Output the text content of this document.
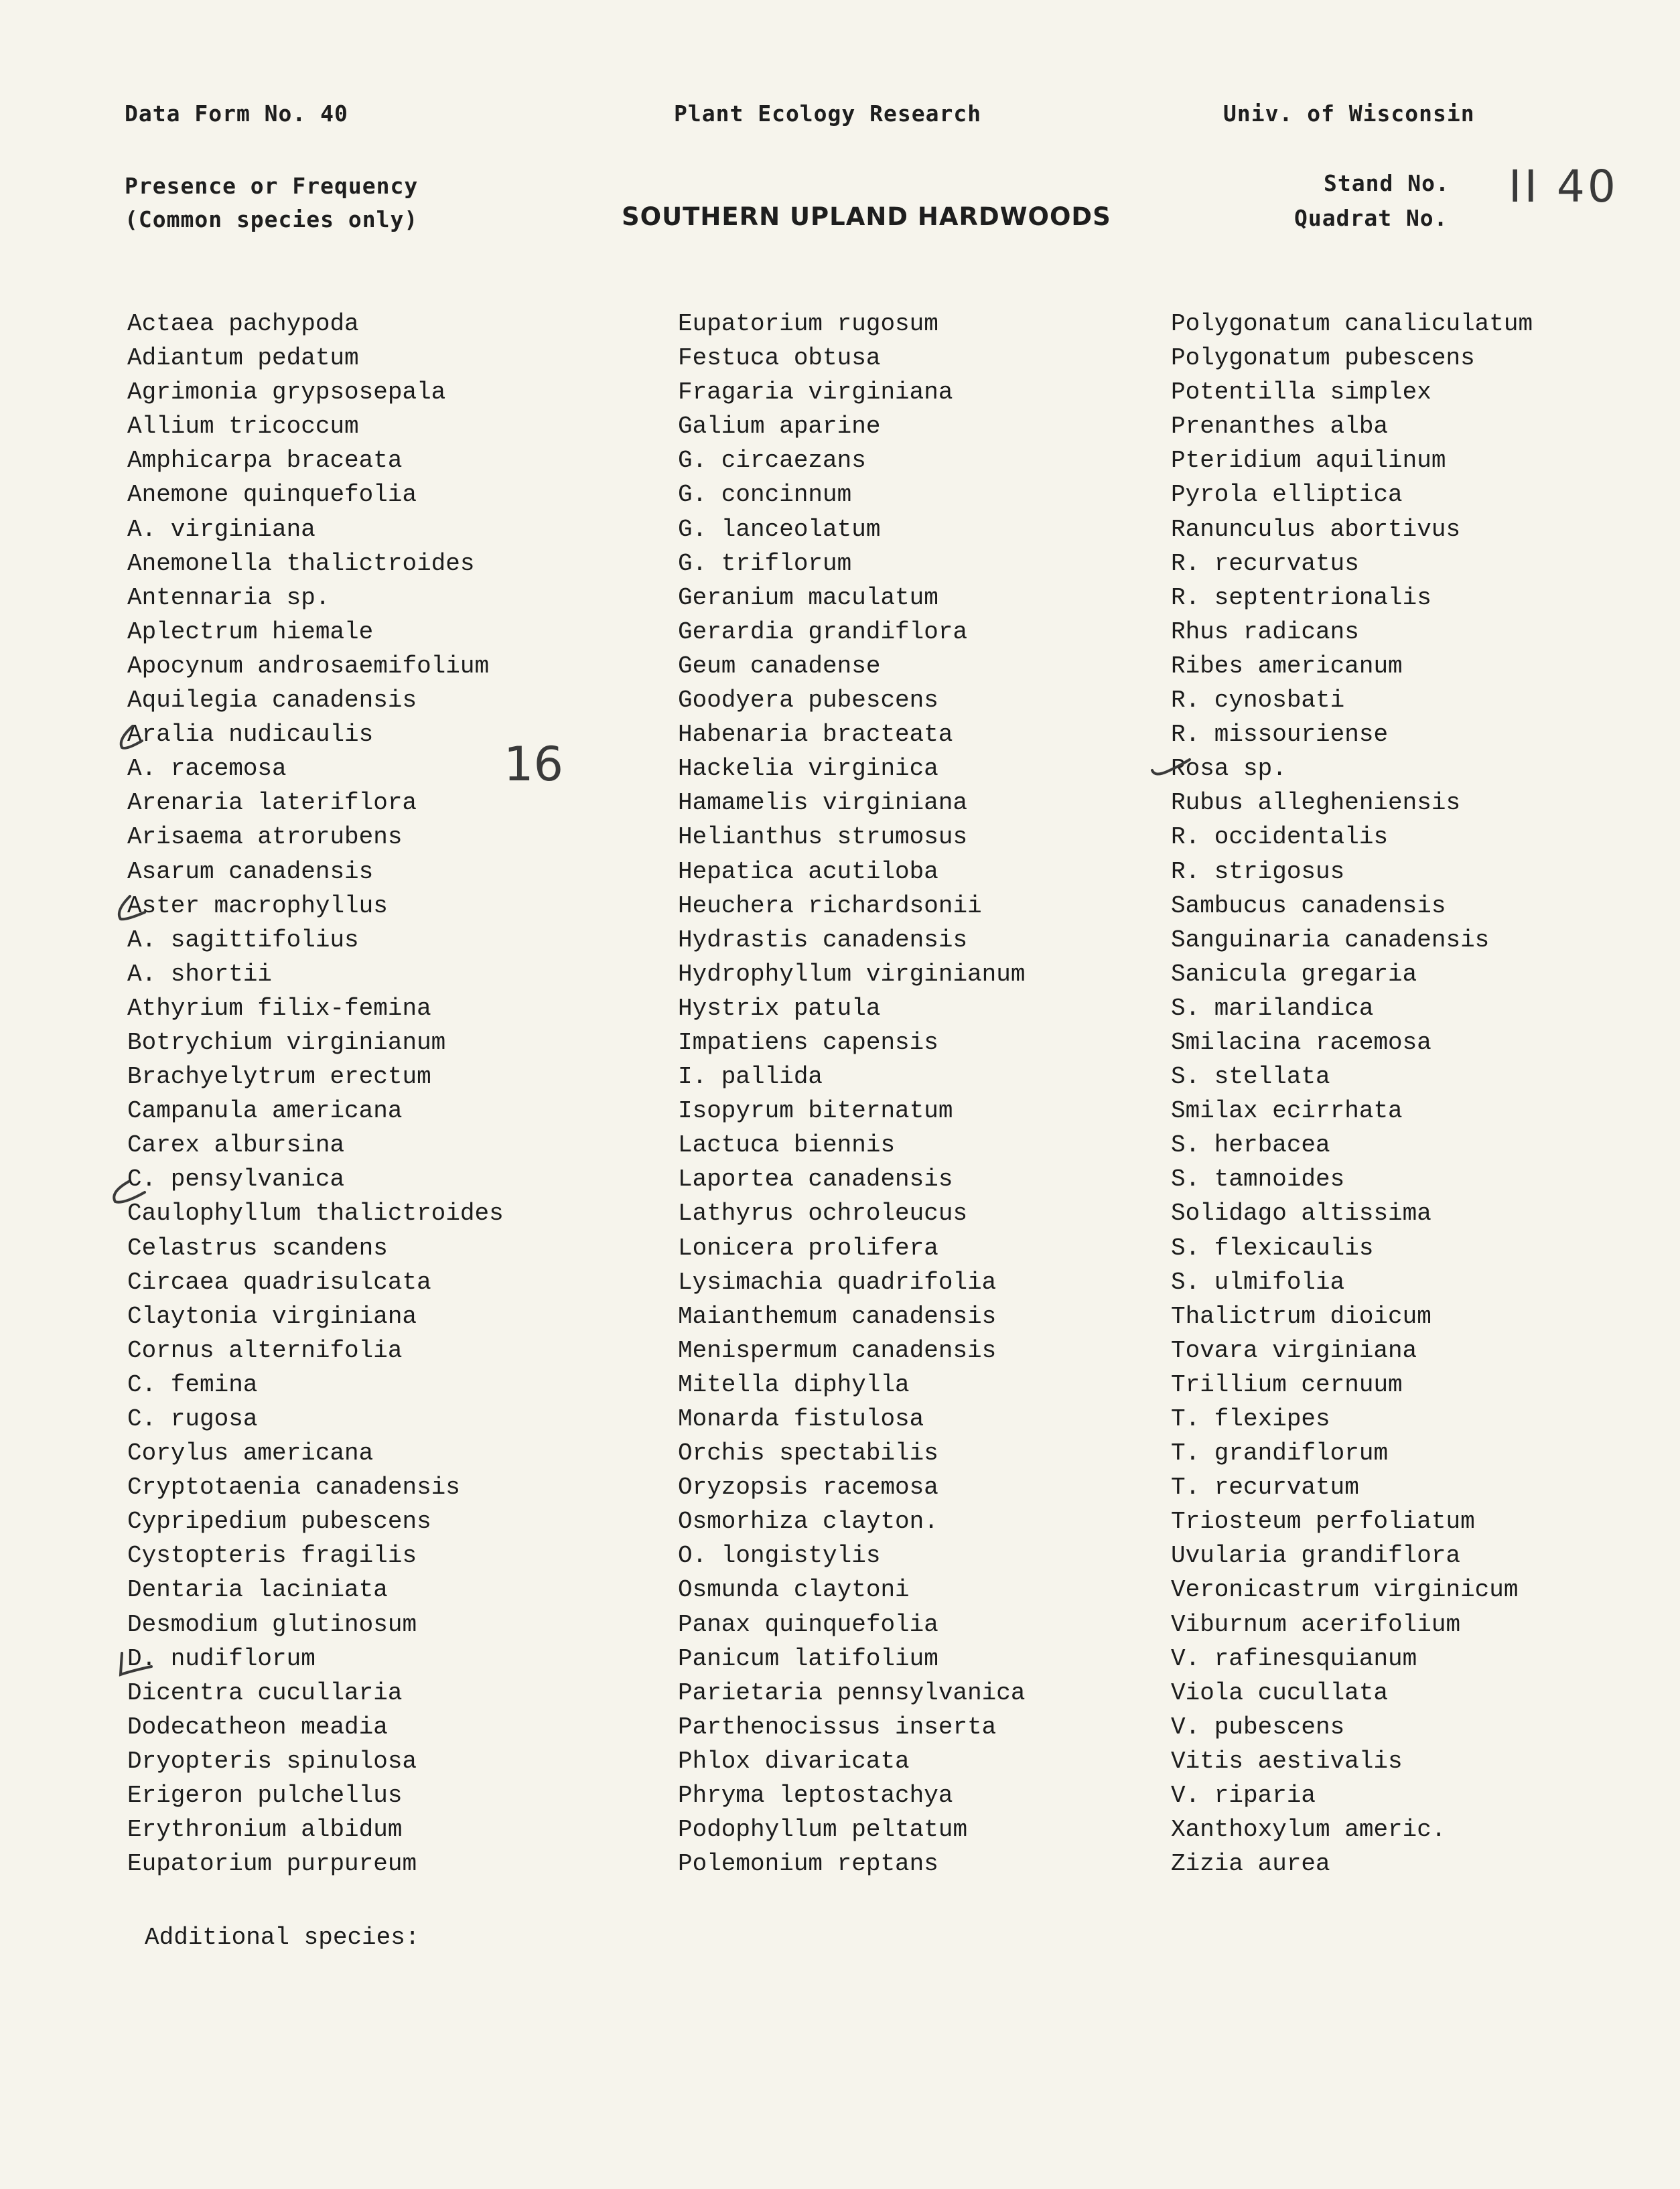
Data Form No. 40	Plant Ecology Research	Univ. of Wisconsin
Presence or Frequency
(Common species only)	SOUTHERN UPLAND HARDWOODS
Stand No.
Quadrat No.
II 40
Actaea pachypoda
Adiantum pedatum
Agrimonia grypsosepala
Allium tricoccum
Amphicarpa braceata
Anemone quinquefolia
A. virginiana
Anemonella thalictroides
Antennaria sp.
Aplectrum hiemale
Apocynum androsaemifolium
Aquilegia canadensis
Aralia nudicaulis
A. racemosa
Arenaria lateriflora
Arisaema atrorubens
Asarum canadensis
Aster macrophyllus
A. sagittifolius
A. shortii
Athyrium filix-femina
Botrychium virginianum
Brachyelytrum erectum
Campanula americana
Carex albursina
C. pensylvanica
Caulophyllum thalictroides
Celastrus scandens
Circaea quadrisulcata
Claytonia virginiana
Cornus alternifolia
C. femina
C. rugosa
Corylus americana
Cryptotaenia canadensis
Cypripedium pubescens
Cystopteris fragilis
Dentaria laciniata
Desmodium glutinosum
D. nudiflorum
Dicentra cucullaria
Dodecatheon meadia
Dryopteris spinulosa
Erigeron pulchellus
Erythronium albidum
Eupatorium purpureum
Eupatorium rugosum
Festuca obtusa
Fragaria virginiana
Galium aparine
G. circaezans
G. concinnum
G. lanceolatum
G. triflorum
Geranium maculatum
Gerardia grandiflora
Geum canadense
Goodyera pubescens
Habenaria bracteata
Hackelia virginica
Hamamelis virginiana
Helianthus strumosus
Hepatica acutiloba
Heuchera richardsonii
Hydrastis canadensis
Hydrophyllum virginianum
Hystrix patula
Impatiens capensis
I. pallida
Isopyrum biternatum
Lactuca biennis
Laportea canadensis
Lathyrus ochroleucus
Lonicera prolifera
Lysimachia quadrifolia
Maianthemum canadensis
Menispermum canadensis
Mitella diphylla
Monarda fistulosa
Orchis spectabilis
Oryzopsis racemosa
Osmorhiza clayton.
O. longistylis
Osmunda claytoni
Panax quinquefolia
Panicum latifolium
Parietaria pennsylvanica
Parthenocissus inserta
Phlox divaricata
Phryma leptostachya
Podophyllum peltatum
Polemonium reptans
Polygonatum canaliculatum
Polygonatum pubescens
Potentilla simplex
Prenanthes alba
Pteridium aquilinum
Pyrola elliptica
Ranunculus abortivus
R. recurvatus
R. septentrionalis
Rhus radicans
Ribes americanum
R. cynosbati
R. missouriense
Rosa sp.
Rubus allegheniensis
R. occidentalis
R. strigosus
Sambucus canadensis
Sanguinaria canadensis
Sanicula gregaria
S. marilandica
Smilacina racemosa
S. stellata
Smilax ecirrhata
S. herbacea
S. tamnoides
Solidago altissima
S. flexicaulis
S. ulmifolia
Thalictrum dioicum
Tovara virginiana
Trillium cernuum
T. flexipes
T. grandiflorum
T. recurvatum
Triosteum perfoliatum
Uvularia grandiflora
Veronicastrum virginicum
Viburnum acerifolium
V. rafinesquianum
Viola cucullata
V. pubescens
Vitis aestivalis
V. riparia
Xanthoxylum americ.
Zizia aurea
16
Additional species:
